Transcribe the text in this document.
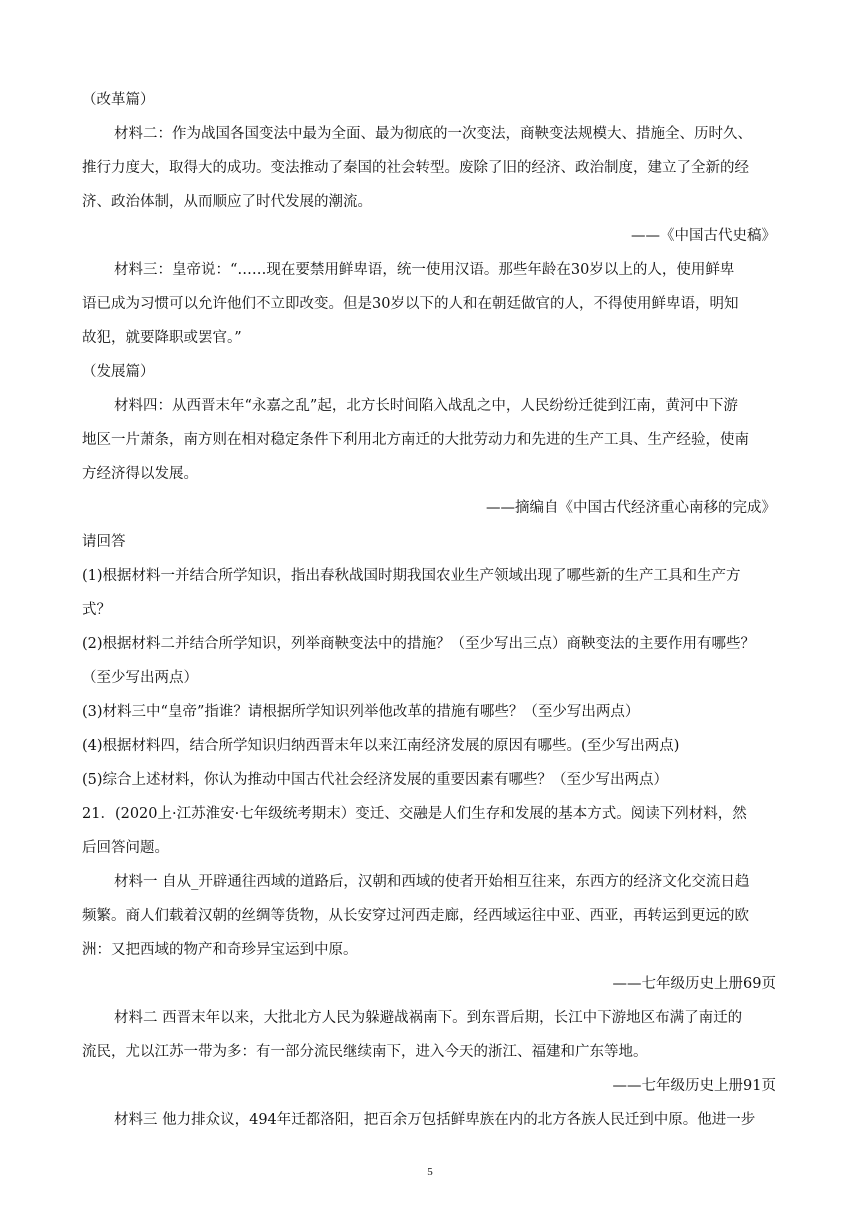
（改革篇）
材料二：作为战国各国变法中最为全面、最为彻底的一次变法，商鞅变法规模大、措施全、历时久、
推行力度大，取得大的成功。变法推动了秦国的社会转型。废除了旧的经济、政治制度，建立了全新的经
济、政治体制，从而顺应了时代发展的潮流。
——《中国古代史稿》
材料三：皇帝说：“……现在要禁用鲜卑语，统一使用汉语。那些年龄在30岁以上的人，使用鲜卑
语已成为习惯可以允许他们不立即改变。但是30岁以下的人和在朝廷做官的人，不得使用鲜卑语，明知
故犯，就要降职或罢官。”
（发展篇）
材料四：从西晋末年“永嘉之乱”起，北方长时间陷入战乱之中，人民纷纷迁徙到江南，黄河中下游
地区一片萧条，南方则在相对稳定条件下利用北方南迁的大批劳动力和先进的生产工具、生产经验，使南
方经济得以发展。
——摘编自《中国古代经济重心南移的完成》
请回答
(1)根据材料一并结合所学知识，指出春秋战国时期我国农业生产领域出现了哪些新的生产工具和生产方
式？
(2)根据材料二并结合所学知识，列举商鞅变法中的措施？（至少写出三点）商鞅变法的主要作用有哪些？
（至少写出两点）
(3)材料三中“皇帝”指谁？请根据所学知识列举他改革的措施有哪些？（至少写出两点）
(4)根据材料四，结合所学知识归纳西晋末年以来江南经济发展的原因有哪些。(至少写出两点)
(5)综合上述材料，你认为推动中国古代社会经济发展的重要因素有哪些？（至少写出两点）
21．(2020上·江苏淮安·七年级统考期末）变迁、交融是人们生存和发展的基本方式。阅读下列材料，然
后回答问题。
材料一 自从_开辟通往西域的道路后，汉朝和西域的使者开始相互往来，东西方的经济文化交流日趋
频繁。商人们载着汉朝的丝绸等货物，从长安穿过河西走廊，经西域运往中亚、西亚，再转运到更远的欧
洲：又把西域的物产和奇珍异宝运到中原。
——七年级历史上册69页
材料二 西晋末年以来，大批北方人民为躲避战祸南下。到东晋后期，长江中下游地区布满了南迁的
流民，尤以江苏一带为多：有一部分流民继续南下，进入今天的浙江、福建和广东等地。
——七年级历史上册91页
材料三 他力排众议，494年迁都洛阳，把百余万包括鲜卑族在内的北方各族人民迁到中原。他进一步
5
